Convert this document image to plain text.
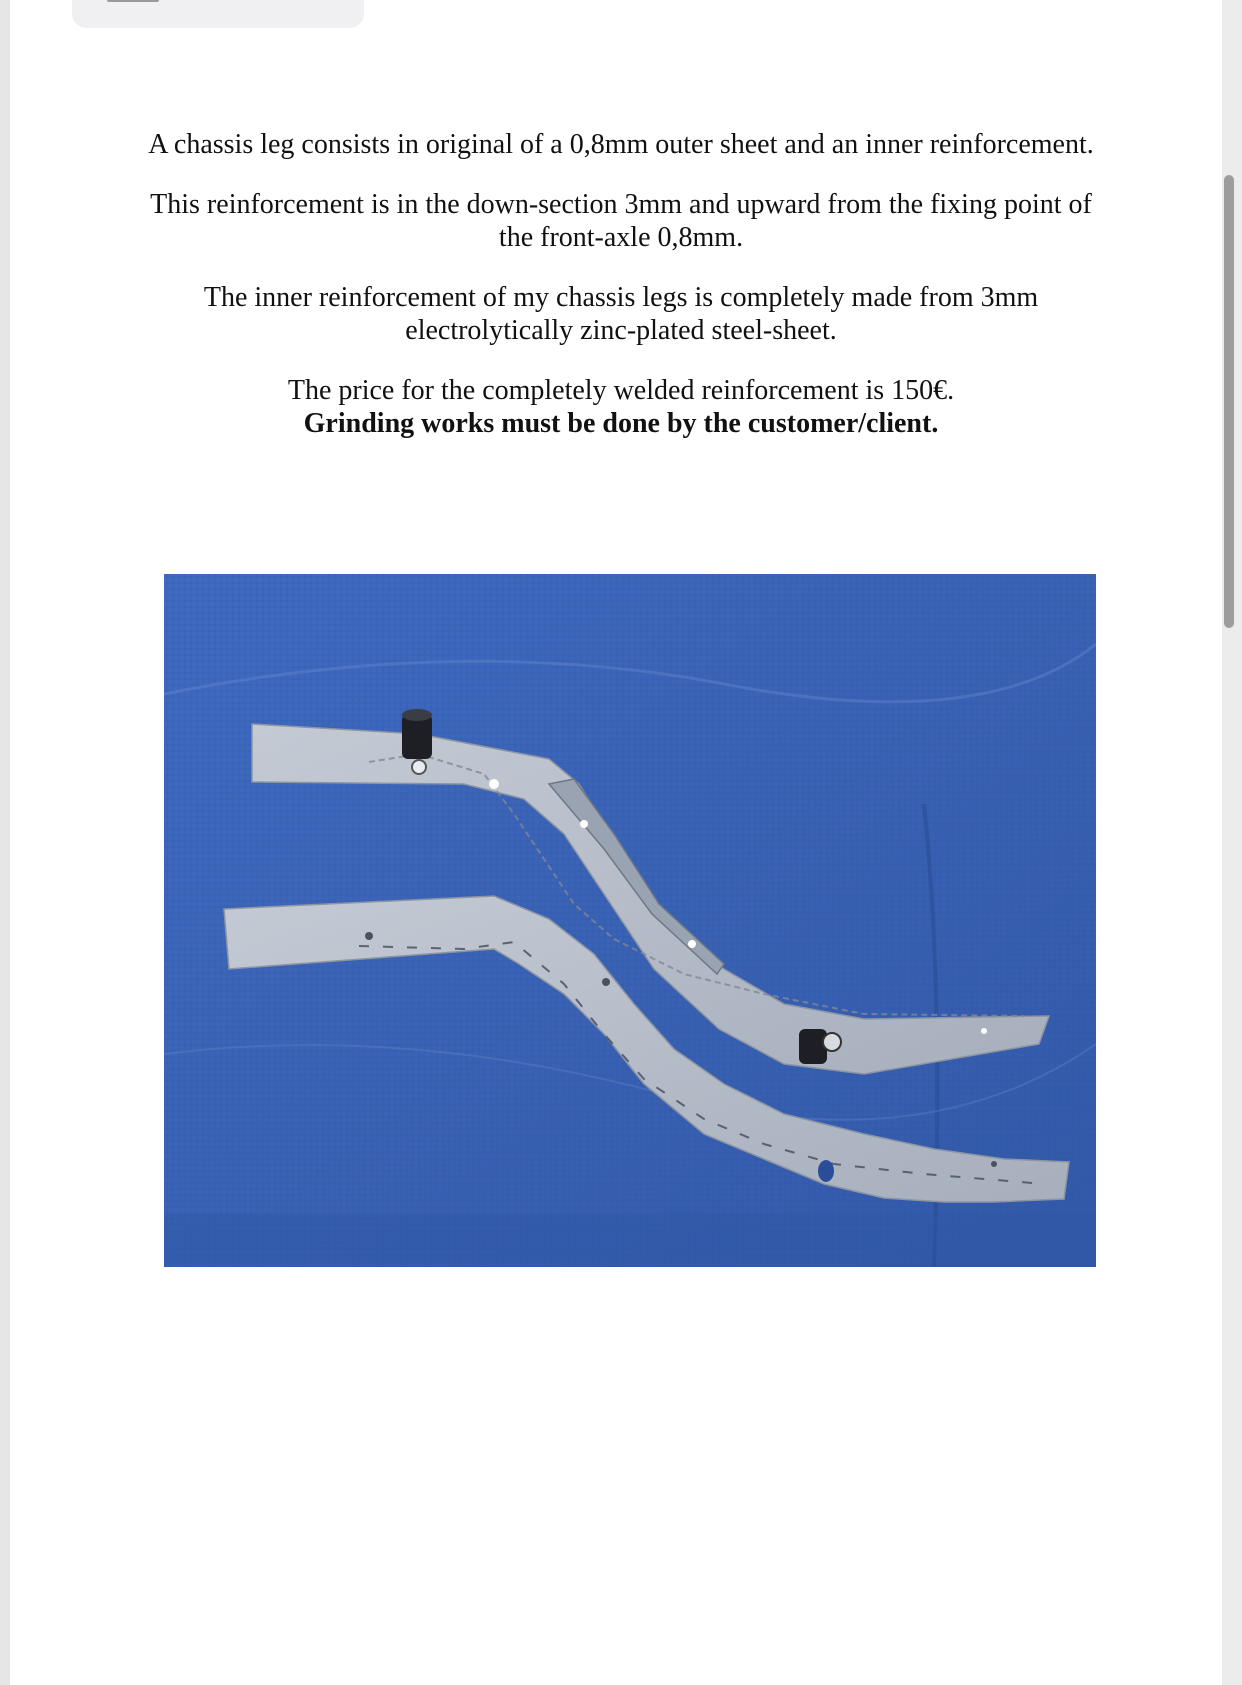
A chassis leg consists in original of a 0,8mm outer sheet and an inner reinforcement.

This reinforcement is in the down-section 3mm and upward from the fixing point of the front-axle 0,8mm.

The inner reinforcement of my chassis legs is completely made from 3mm electrolytically zinc-plated steel-sheet.

The price for the completely welded reinforcement is 150€.
Grinding works must be done by the customer/client.
